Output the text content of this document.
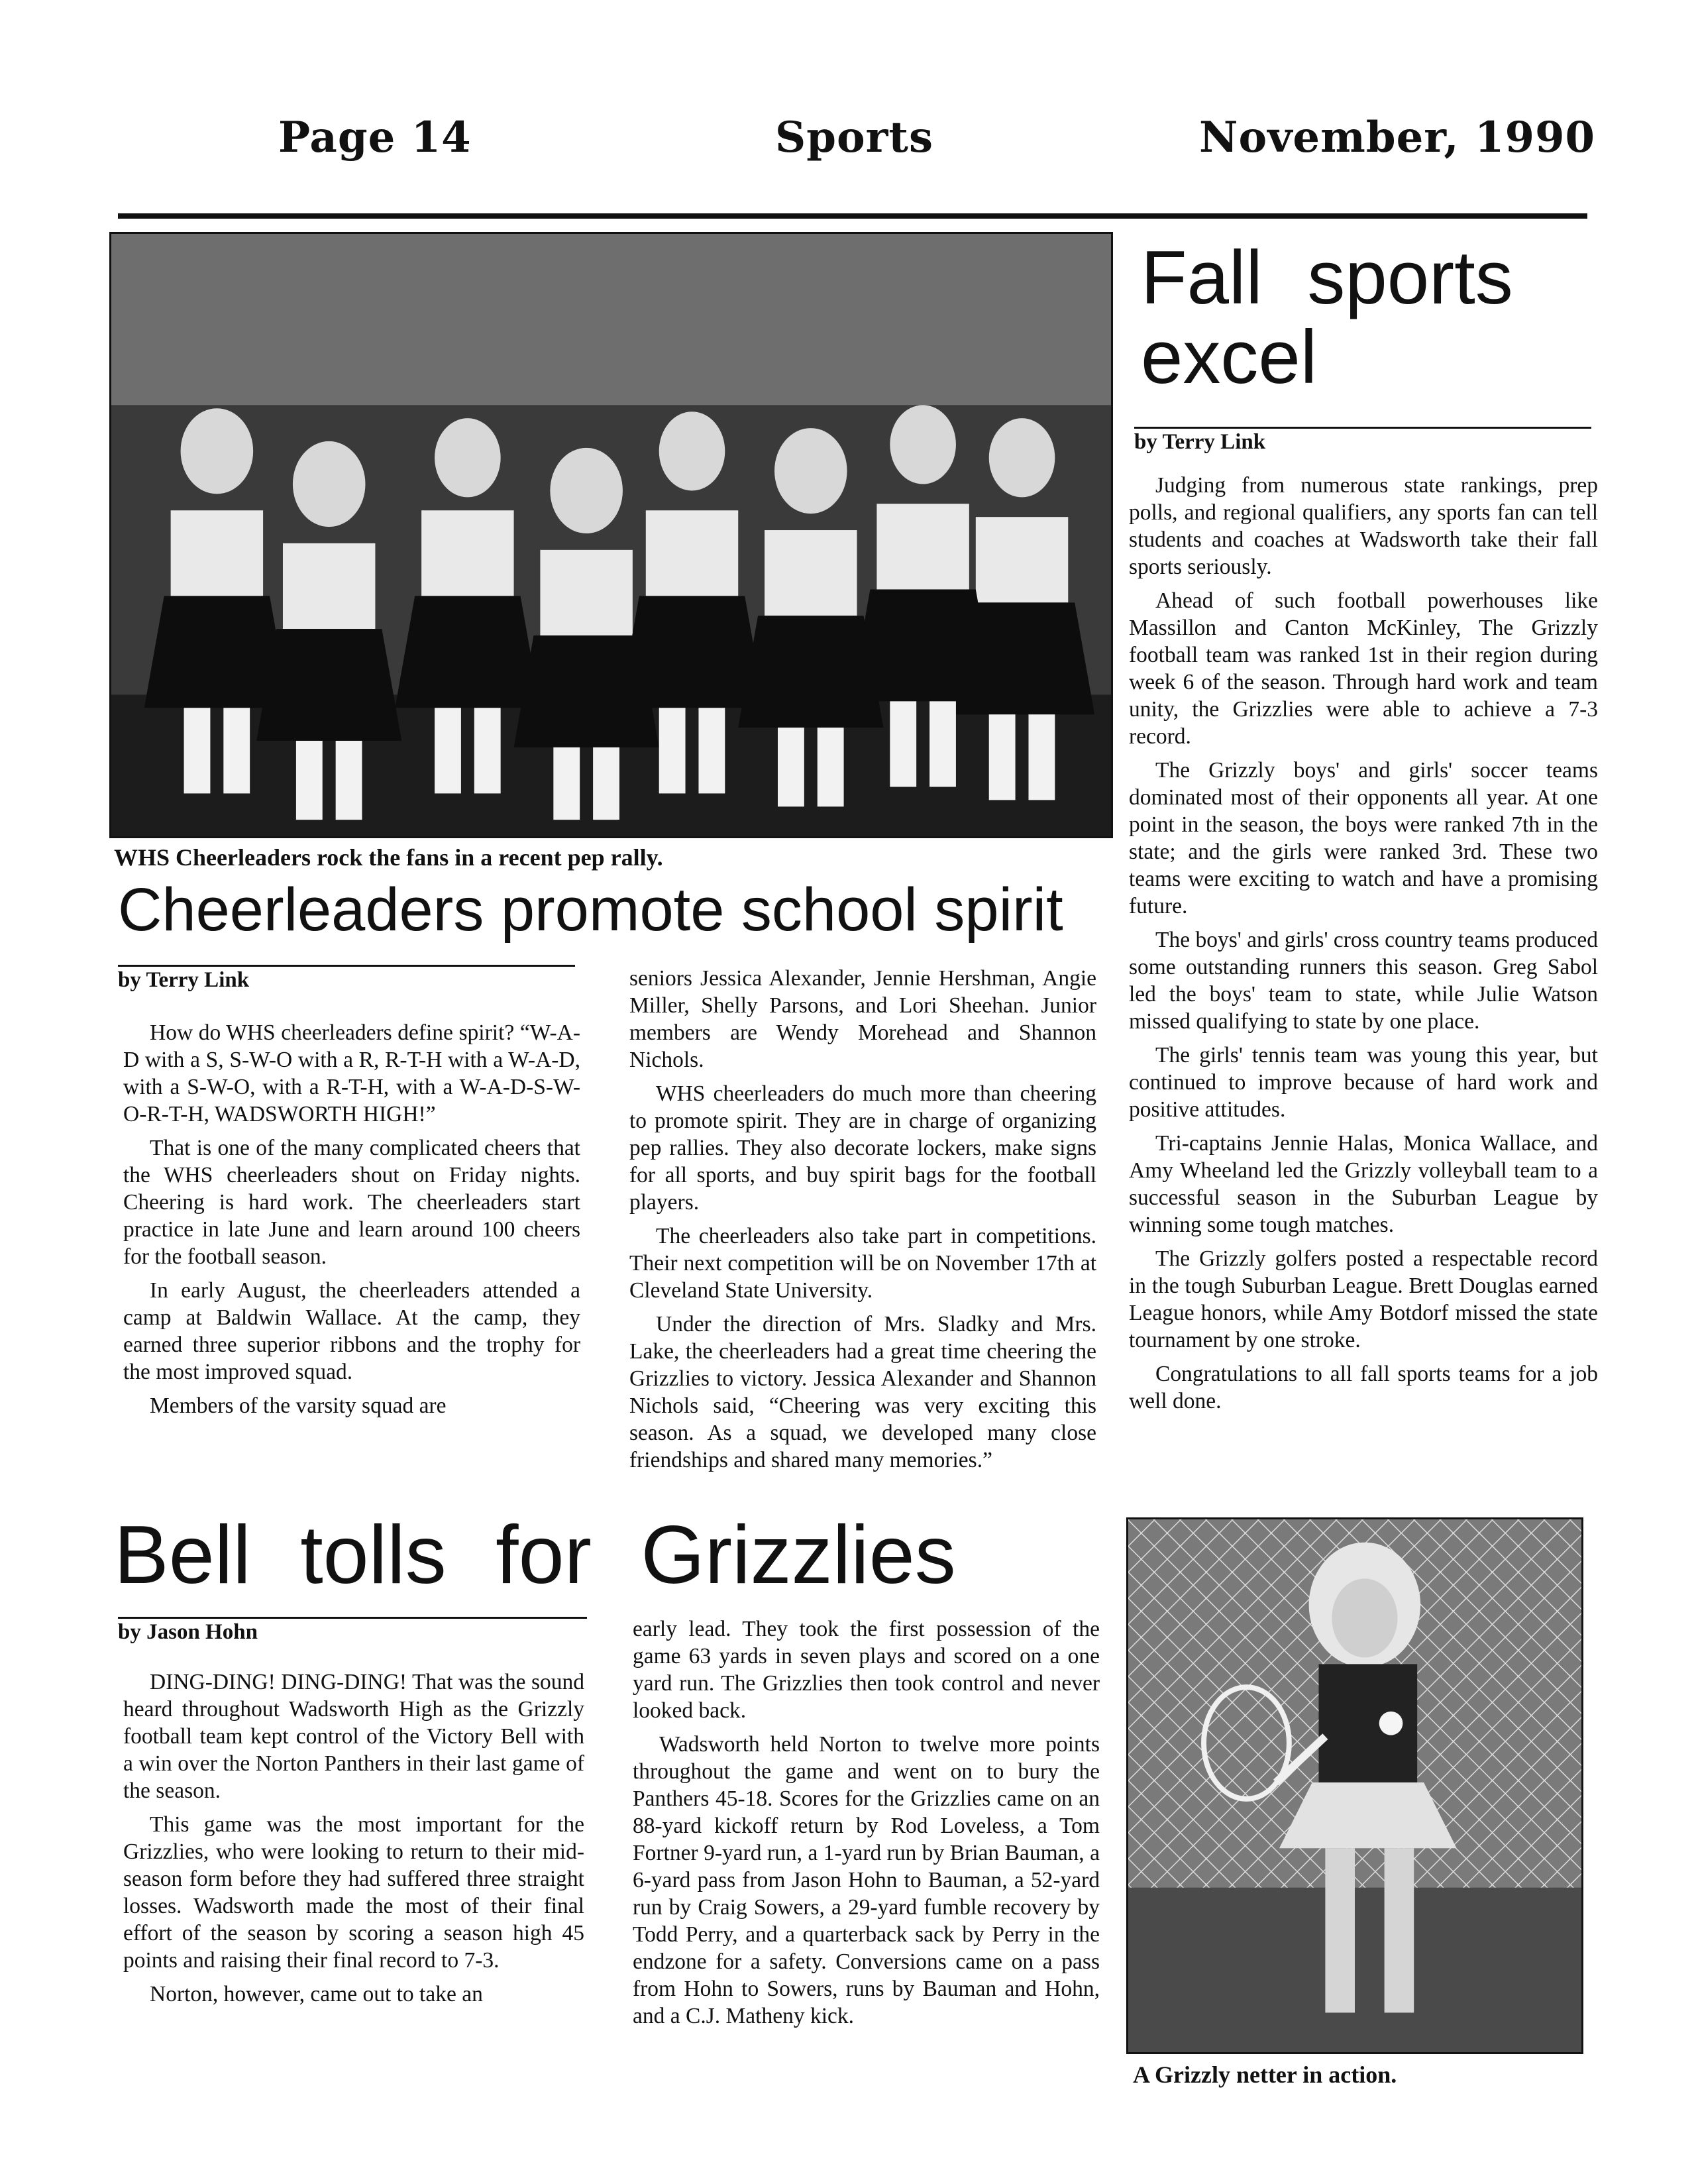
Page 14	Sports	November, 1990
WHS Cheerleaders rock the fans in a recent pep rally.
Cheerleaders promote school spirit
by Terry Link

How do WHS cheerleaders define spirit? “W-A-D with a S, S-W-O with a R, R-T-H with a W-A-D, with a S-W-O, with a R-T-H, with a W-A-D-S-W-O-R-T-H, WADSWORTH HIGH!”

That is one of the many complicated cheers that the WHS cheerleaders shout on Friday nights. Cheering is hard work. The cheerleaders start practice in late June and learn around 100 cheers for the football season.

In early August, the cheerleaders attended a camp at Baldwin Wallace. At the camp, they earned three superior ribbons and the trophy for the most improved squad.

Members of the varsity squad are

seniors Jessica Alexander, Jennie Hershman, Angie Miller, Shelly Parsons, and Lori Sheehan. Junior members are Wendy Morehead and Shannon Nichols.

WHS cheerleaders do much more than cheering to promote spirit. They are in charge of organizing pep rallies. They also decorate lockers, make signs for all sports, and buy spirit bags for the football players.

The cheerleaders also take part in competitions. Their next competition will be on November 17th at Cleveland State University.

Under the direction of Mrs. Sladky and Mrs. Lake, the cheerleaders had a great time cheering the Grizzlies to victory. Jessica Alexander and Shannon Nichols said, “Cheering was very exciting this season. As a squad, we developed many close friendships and shared many memories.”

Bell tolls for Grizzlies
by Jason Hohn

DING-DING! DING-DING! That was the sound heard throughout Wadsworth High as the Grizzly football team kept control of the Victory Bell with a win over the Norton Panthers in their last game of the season.

This game was the most important for the Grizzlies, who were looking to return to their mid-season form before they had suffered three straight losses. Wadsworth made the most of their final effort of the season by scoring a season high 45 points and raising their final record to 7-3.

Norton, however, came out to take an

early lead. They took the first possession of the game 63 yards in seven plays and scored on a one yard run. The Grizzlies then took control and never looked back.

Wadsworth held Norton to twelve more points throughout the game and went on to bury the Panthers 45-18. Scores for the Grizzlies came on an 88-yard kickoff return by Rod Loveless, a Tom Fortner 9-yard run, a 1-yard run by Brian Bauman, a 6-yard pass from Jason Hohn to Bauman, a 52-yard run by Craig Sowers, a 29-yard fumble recovery by Todd Perry, and a quarterback sack by Perry in the endzone for a safety. Conversions came on a pass from Hohn to Sowers, runs by Bauman and Hohn, and a C.J. Matheny kick.

Fall sports excel
by Terry Link

Judging from numerous state rankings, prep polls, and regional qualifiers, any sports fan can tell students and coaches at Wadsworth take their fall sports seriously.

Ahead of such football powerhouses like Massillon and Canton McKinley, The Grizzly football team was ranked 1st in their region during week 6 of the season. Through hard work and team unity, the Grizzlies were able to achieve a 7-3 record.

The Grizzly boys' and girls' soccer teams dominated most of their opponents all year. At one point in the season, the boys were ranked 7th in the state; and the girls were ranked 3rd. These two teams were exciting to watch and have a promising future.

The boys' and girls' cross country teams produced some outstanding runners this season. Greg Sabol led the boys' team to state, while Julie Watson missed qualifying to state by one place.

The girls' tennis team was young this year, but continued to improve because of hard work and positive attitudes.

Tri-captains Jennie Halas, Monica Wallace, and Amy Wheeland led the Grizzly volleyball team to a successful season in the Suburban League by winning some tough matches.

The Grizzly golfers posted a respectable record in the tough Suburban League. Brett Douglas earned League honors, while Amy Botdorf missed the state tournament by one stroke.

Congratulations to all fall sports teams for a job well done.

A Grizzly netter in action.
